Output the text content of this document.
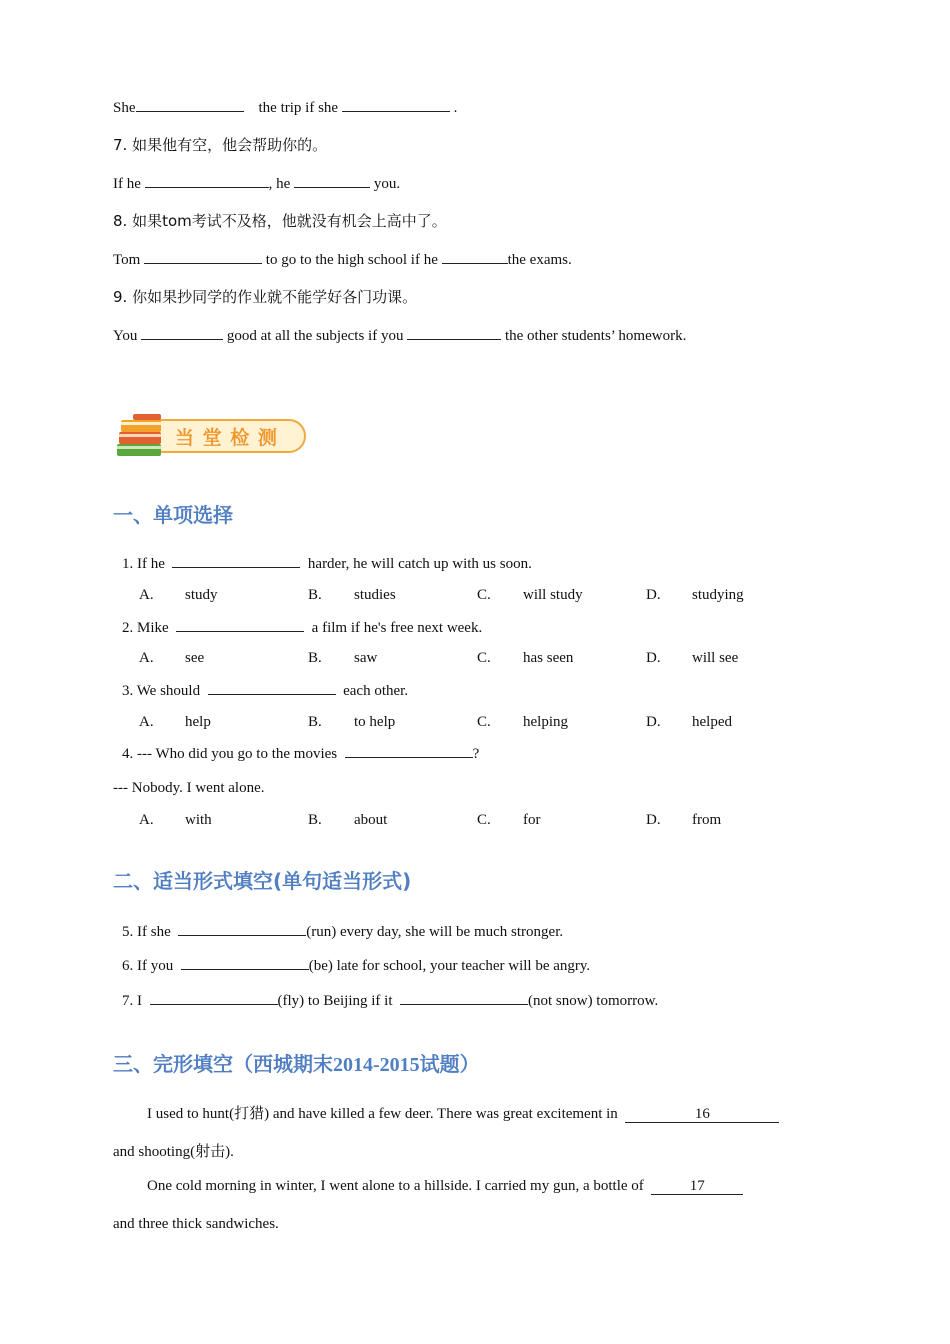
She	the trip if she	.
7. 如果他有空，他会帮助你的。
If he	, he	you.
8. 如果tom考试不及格，他就没有机会上高中了。
Tom	to go to the high school if he	the exams.
9. 你如果抄同学的作业就不能学好各门功课。
You	good at all the subjects if you	the other students’ homework.
当 堂 检 测
一、单项选择
1. If he	harder, he will catch up with us soon.
A. study	B. studies	C. will study	D. studying
2. Mike	a film if he's free next week.
A. see	B. saw	C. has seen	D. will see
3. We should	each other.
A. help	B. to help	C. helping	D. helped
4. --- Who did you go to the movies	?
--- Nobody. I went alone.
A. with	B. about	C. for	D. from
二、适当形式填空(单句适当形式)
5. If she	(run) every day, she will be much stronger.
6. If you	(be) late for school, your teacher will be angry.
7. I	(fly) to Beijing if it	(not snow) tomorrow.
三、完形填空（西城期末2014-2015试题）
I used to hunt(打猎) and have killed a few deer. There was great excitement in	16
and shooting(射击).
One cold morning in winter, I went alone to a hillside. I carried my gun, a bottle of	17
and three thick sandwiches.
